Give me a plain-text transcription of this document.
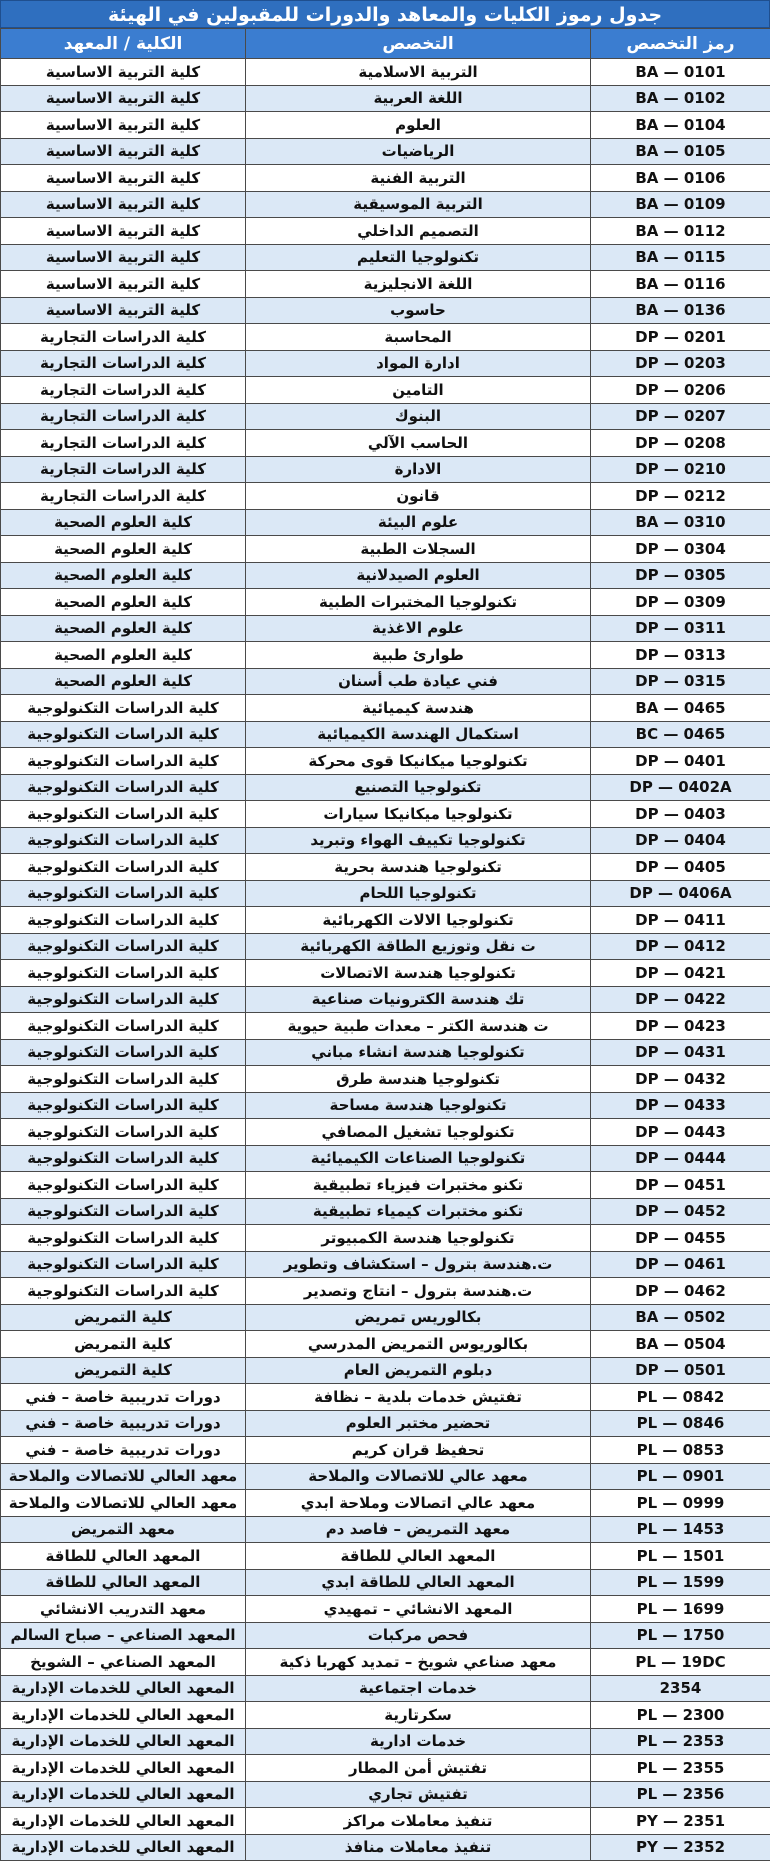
جدول رموز الكليات والمعاهد والدورات للمقبولين في الهيئة
رمز التخصص	التخصص	الكلية / المعهد
BA — 0101	التربية الاسلامية	كلية التربية الاساسية
BA — 0102	اللغة العربية	كلية التربية الاساسية
BA — 0104	العلوم	كلية التربية الاساسية
BA — 0105	الرياضيات	كلية التربية الاساسية
BA — 0106	التربية الفنية	كلية التربية الاساسية
BA — 0109	التربية الموسيقية	كلية التربية الاساسية
BA — 0112	التصميم الداخلي	كلية التربية الاساسية
BA — 0115	تكنولوجيا التعليم	كلية التربية الاساسية
BA — 0116	اللغة الانجليزية	كلية التربية الاساسية
BA — 0136	حاسوب	كلية التربية الاساسية
DP — 0201	المحاسبة	كلية الدراسات التجارية
DP — 0203	ادارة المواد	كلية الدراسات التجارية
DP — 0206	التامين	كلية الدراسات التجارية
DP — 0207	البنوك	كلية الدراسات التجارية
DP — 0208	الحاسب الآلي	كلية الدراسات التجارية
DP — 0210	الادارة	كلية الدراسات التجارية
DP — 0212	قانون	كلية الدراسات التجارية
BA — 0310	علوم البيئة	كلية العلوم الصحية
DP — 0304	السجلات الطبية	كلية العلوم الصحية
DP — 0305	العلوم الصيدلانية	كلية العلوم الصحية
DP — 0309	تكنولوجيا المختبرات الطبية	كلية العلوم الصحية
DP — 0311	علوم الاغذية	كلية العلوم الصحية
DP — 0313	طوارئ طبية	كلية العلوم الصحية
DP — 0315	فني عيادة طب أسنان	كلية العلوم الصحية
BA — 0465	هندسة كيميائية	كلية الدراسات التكنولوجية
BC — 0465	استكمال الهندسة الكيميائية	كلية الدراسات التكنولوجية
DP — 0401	تكنولوجيا ميكانيكا قوى محركة	كلية الدراسات التكنولوجية
DP — 0402A	تكنولوجيا التصنيع	كلية الدراسات التكنولوجية
DP — 0403	تكنولوجيا ميكانيكا سيارات	كلية الدراسات التكنولوجية
DP — 0404	تكنولوجيا تكييف الهواء وتبريد	كلية الدراسات التكنولوجية
DP — 0405	تكنولوجيا هندسة بحرية	كلية الدراسات التكنولوجية
DP — 0406A	تكنولوجيا اللحام	كلية الدراسات التكنولوجية
DP — 0411	تكنولوجيا الالات الكهربائية	كلية الدراسات التكنولوجية
DP — 0412	ت نقل وتوزيع الطاقة الكهربائية	كلية الدراسات التكنولوجية
DP — 0421	تكنولوجيا هندسة الاتصالات	كلية الدراسات التكنولوجية
DP — 0422	تك هندسة الكترونيات صناعية	كلية الدراسات التكنولوجية
DP — 0423	ت هندسة الكتر – معدات طبية حيوية	كلية الدراسات التكنولوجية
DP — 0431	تكنولوجيا هندسة انشاء مباني	كلية الدراسات التكنولوجية
DP — 0432	تكنولوجيا هندسة طرق	كلية الدراسات التكنولوجية
DP — 0433	تكنولوجيا هندسة مساحة	كلية الدراسات التكنولوجية
DP — 0443	تكنولوجيا تشغيل المصافي	كلية الدراسات التكنولوجية
DP — 0444	تكنولوجيا الصناعات الكيميائية	كلية الدراسات التكنولوجية
DP — 0451	تكنو مختبرات فيزياء تطبيقية	كلية الدراسات التكنولوجية
DP — 0452	تكنو مختبرات كيمياء تطبيقية	كلية الدراسات التكنولوجية
DP — 0455	تكنولوجيا هندسة الكمبيوتر	كلية الدراسات التكنولوجية
DP — 0461	ت.هندسة بترول – استكشاف وتطوير	كلية الدراسات التكنولوجية
DP — 0462	ت.هندسة بترول – انتاج وتصدير	كلية الدراسات التكنولوجية
BA — 0502	بكالوريس تمريض	كلية التمريض
BA — 0504	بكالوريوس التمريض المدرسي	كلية التمريض
DP — 0501	دبلوم التمريض العام	كلية التمريض
PL — 0842	تفتيش خدمات بلدية – نظافة	دورات تدريبية خاصة – فني
PL — 0846	تحضير مختبر العلوم	دورات تدريبية خاصة – فني
PL — 0853	تحفيظ قران كريم	دورات تدريبية خاصة – فني
PL — 0901	معهد عالي للاتصالات والملاحة	معهد العالي للاتصالات والملاحة
PL — 0999	معهد عالي اتصالات وملاحة ابدي	معهد العالي للاتصالات والملاحة
PL — 1453	معهد التمريض – فاصد دم	معهد التمريض
PL — 1501	المعهد العالي للطاقة	المعهد العالي للطاقة
PL — 1599	المعهد العالي للطاقة ابدي	المعهد العالي للطاقة
PL — 1699	المعهد الانشائي – تمهيدي	معهد التدريب الانشائي
PL — 1750	فحص مركبات	المعهد الصناعي – صباح السالم
PL — 19DC	معهد صناعي شويخ – تمديد كهربا ذكية	المعهد الصناعي – الشويخ
2354	خدمات اجتماعية	المعهد العالي للخدمات الإدارية
PL — 2300	سكرتارية	المعهد العالي للخدمات الإدارية
PL — 2353	خدمات ادارية	المعهد العالي للخدمات الإدارية
PL — 2355	تفتيش أمن المطار	المعهد العالي للخدمات الإدارية
PL — 2356	تفتيش تجاري	المعهد العالي للخدمات الإدارية
PY — 2351	تنفيذ معاملات مراكز	المعهد العالي للخدمات الإدارية
PY — 2352	تنفيذ معاملات منافذ	المعهد العالي للخدمات الإدارية
